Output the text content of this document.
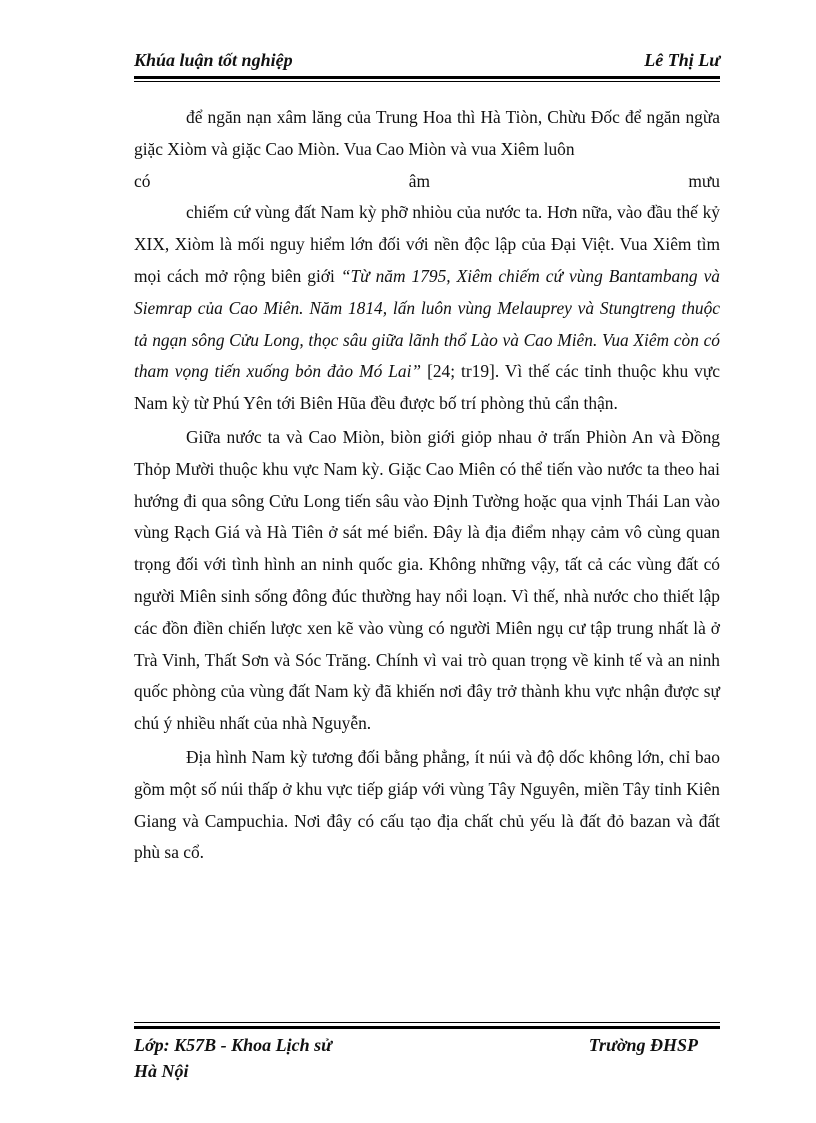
Khúa luận tốt nghiệp	Lê Thị Lư

để ngăn nạn xâm lăng của Trung Hoa thì Hà Tiòn, Chừu Đốc để ngăn ngừa giặc Xiòm và giặc Cao Miòn. Vua Cao Miòn và vua Xiêm luôn

có âm mưu

chiếm cứ vùng đất Nam kỳ phỡ nhiòu của nước ta. Hơn nữa, vào đầu thế kỷ XIX, Xiòm là mối nguy hiểm lớn đối với nền độc lập của Đại Việt. Vua Xiêm tìm mọi cách mở rộng biên giới “Từ năm 1795, Xiêm chiếm cứ vùng Bantambang và Siemrap của Cao Miên. Năm 1814, lấn luôn vùng Melauprey và Stungtreng thuộc tả ngạn sông Cửu Long, thọc sâu giữa lãnh thổ Lào và Cao Miên. Vua Xiêm còn có tham vọng tiến xuống bỏn đảo Mó Lai” [24; tr19]. Vì thế các tỉnh thuộc khu vực Nam kỳ từ Phú Yên tới Biên Hũa đều được bố trí phòng thủ cẩn thận.

Giữa nước ta và Cao Miòn, biòn giới giỏp nhau ở trấn Phiòn An và Đồng Thỏp Mười thuộc khu vực Nam kỳ. Giặc Cao Miên có thể tiến vào nước ta theo hai hướng đi qua sông Cửu Long tiến sâu vào Định Tường hoặc qua vịnh Thái Lan vào vùng Rạch Giá và Hà Tiên ở sát mé biển. Đây là địa điểm nhạy cảm vô cùng quan trọng đối với tình hình an ninh quốc gia. Không những vậy, tất cả các vùng đất có người Miên sinh sống đông đúc thường hay nổi loạn. Vì thế, nhà nước cho thiết lập các đồn điền chiến lược xen kẽ vào vùng có người Miên ngụ cư tập trung nhất là ở Trà Vinh, Thất Sơn và Sóc Trăng. Chính vì vai trò quan trọng về kinh tế và an ninh quốc phòng của vùng đất Nam kỳ đã khiến nơi đây trở thành khu vực nhận được sự chú ý nhiều nhất của nhà Nguyễn.

Địa hình Nam kỳ tương đối bằng phẳng, ít núi và độ dốc không lớn, chỉ bao gồm một số núi thấp ở khu vực tiếp giáp với vùng Tây Nguyên, miền Tây tỉnh Kiên Giang và Campuchia. Nơi đây có cấu tạo địa chất chủ yếu là đất đỏ bazan và đất phù sa cổ.

Lớp: K57B - Khoa Lịch sử	Trường ĐHSP
Hà Nội
